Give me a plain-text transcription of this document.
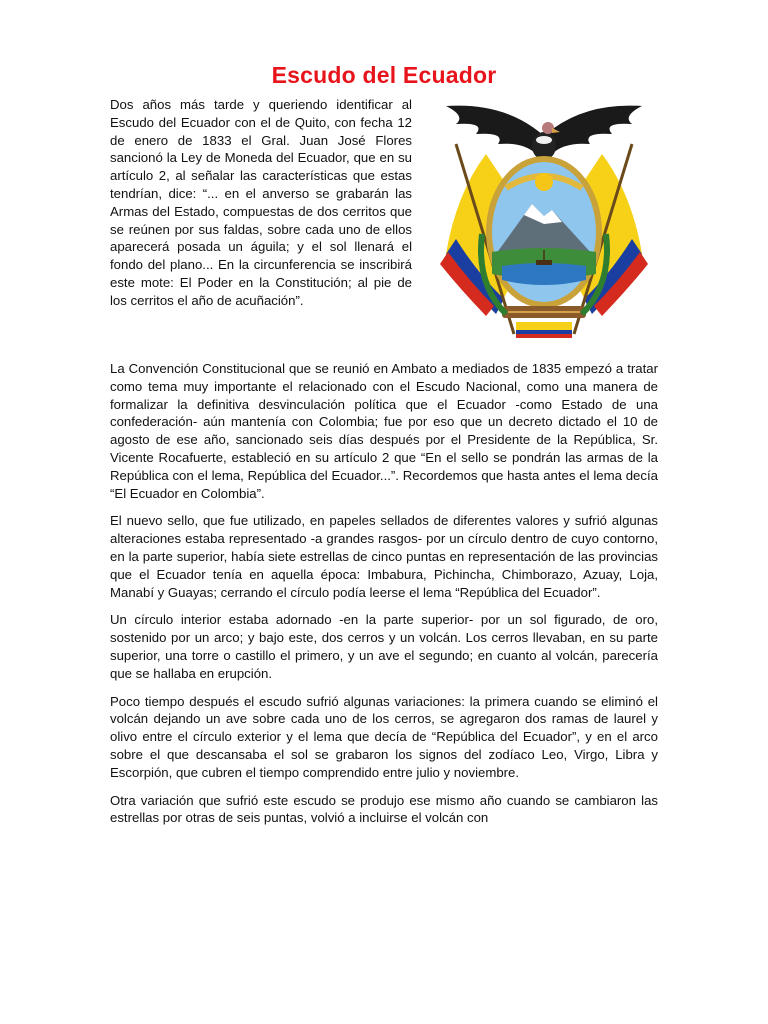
Escudo del Ecuador

Dos años más tarde y queriendo identificar al Escudo del Ecuador con el de Quito, con fecha 12 de enero de 1833 el Gral. Juan José Flores sancionó la Ley de Moneda del Ecuador, que en su artículo 2, al señalar las características que estas tendrían, dice: “... en el anverso se grabarán las Armas del Estado, compuestas de dos cerritos que se reúnen por sus faldas, sobre cada uno de ellos aparecerá posada un águila; y el sol llenará el fondo del plano... En la circunferencia se inscribirá este mote: El Poder en la Constitución; al pie de los cerritos el año de acuñación”.

La Convención Constitucional que se reunió en Ambato a mediados de 1835 empezó a tratar como tema muy importante el relacionado con el Escudo Nacional, como una manera de formalizar la definitiva desvinculación política que el Ecuador -como Estado de una confederación- aún mantenía con Colombia; fue por eso que un decreto dictado el 10 de agosto de ese año, sancionado seis días después por el Presidente de la República, Sr. Vicente Rocafuerte, estableció en su artículo 2 que “En el sello se pondrán las armas de la República con el lema, República del Ecuador...”. Recordemos que hasta antes el lema decía “El Ecuador en Colombia”.

El nuevo sello, que fue utilizado, en papeles sellados de diferentes valores y sufrió algunas alteraciones estaba representado -a grandes rasgos- por un círculo dentro de cuyo contorno, en la parte superior, había siete estrellas de cinco puntas en representación de las provincias que el Ecuador tenía en aquella época: Imbabura, Pichincha, Chimborazo, Azuay, Loja, Manabí y Guayas; cerrando el círculo podía leerse el lema “República del Ecuador”.

Un círculo interior estaba adornado -en la parte superior- por un sol figurado, de oro, sostenido por un arco; y bajo este, dos cerros y un volcán. Los cerros llevaban, en su parte superior, una torre o castillo el primero, y un ave el segundo; en cuanto al volcán, parecería que se hallaba en erupción.

Poco tiempo después el escudo sufrió algunas variaciones: la primera cuando se eliminó el volcán dejando un ave sobre cada uno de los cerros, se agregaron dos ramas de laurel y olivo entre el círculo exterior y el lema que decía de “República del Ecuador”, y en el arco sobre el que descansaba el sol se grabaron los signos del zodíaco Leo, Virgo, Libra y Escorpión, que cubren el tiempo comprendido entre julio y noviembre.

Otra variación que sufrió este escudo se produjo ese mismo año cuando se cambiaron las estrellas por otras de seis puntas, volvió a incluirse el volcán con
